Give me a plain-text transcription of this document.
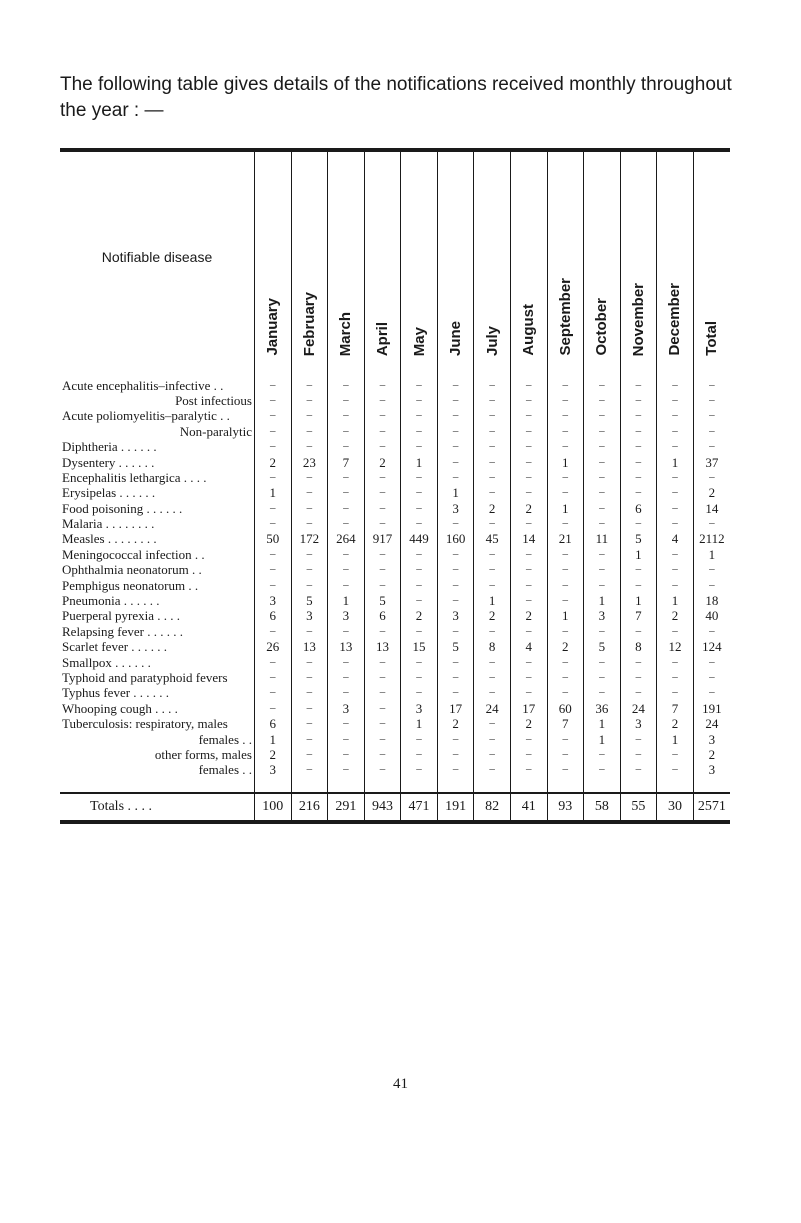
The following table gives details of the notifications received monthly throughout the year : —
Notifiable disease	January	February	March	April	May	June	July	August	September	October	November	December	Total

Acute encephalitis–infective . .	–	–	–	–	–	–	–	–	–	–	–	–	–
Post infectious	–	–	–	–	–	–	–	–	–	–	–	–	–
Acute poliomyelitis–paralytic . .	–	–	–	–	–	–	–	–	–	–	–	–	–
Non-paralytic	–	–	–	–	–	–	–	–	–	–	–	–	–
Diphtheria . . . . . .	–	–	–	–	–	–	–	–	–	–	–	–	–
Dysentery . . . . . .	2	23	7	2	1	–	–	–	1	–	–	1	37
Encephalitis lethargica . . . .	–	–	–	–	–	–	–	–	–	–	–	–	–
Erysipelas . . . . . .	1	–	–	–	–	1	–	–	–	–	–	–	2
Food poisoning . . . . . .	–	–	–	–	–	3	2	2	1	–	6	–	14
Malaria . . . . . . . .	–	–	–	–	–	–	–	–	–	–	–	–	–
Measles . . . . . . . .	50	172	264	917	449	160	45	14	21	11	5	4	2112
Meningococcal infection . .	–	–	–	–	–	–	–	–	–	–	1	–	1
Ophthalmia neonatorum . .	–	–	–	–	–	–	–	–	–	–	–	–	–
Pemphigus neonatorum . .	–	–	–	–	–	–	–	–	–	–	–	–	–
Pneumonia . . . . . .	3	5	1	5	–	–	1	–	–	1	1	1	18
Puerperal pyrexia . . . .	6	3	3	6	2	3	2	2	1	3	7	2	40
Relapsing fever . . . . . .	–	–	–	–	–	–	–	–	–	–	–	–	–
Scarlet fever . . . . . .	26	13	13	13	15	5	8	4	2	5	8	12	124
Smallpox . . . . . .	–	–	–	–	–	–	–	–	–	–	–	–	–
Typhoid and paratyphoid fevers	–	–	–	–	–	–	–	–	–	–	–	–	–
Typhus fever . . . . . .	–	–	–	–	–	–	–	–	–	–	–	–	–
Whooping cough . . . .	–	–	3	–	3	17	24	17	60	36	24	7	191
Tuberculosis: respiratory, males	6	–	–	–	1	2	–	2	7	1	3	2	24
females . .	1	–	–	–	–	–	–	–	–	1	–	1	3
other forms, males	2	–	–	–	–	–	–	–	–	–	–	–	2
females . .	3	–	–	–	–	–	–	–	–	–	–	–	3

Totals . . . .	100	216	291	943	471	191	82	41	93	58	55	30	2571
41
